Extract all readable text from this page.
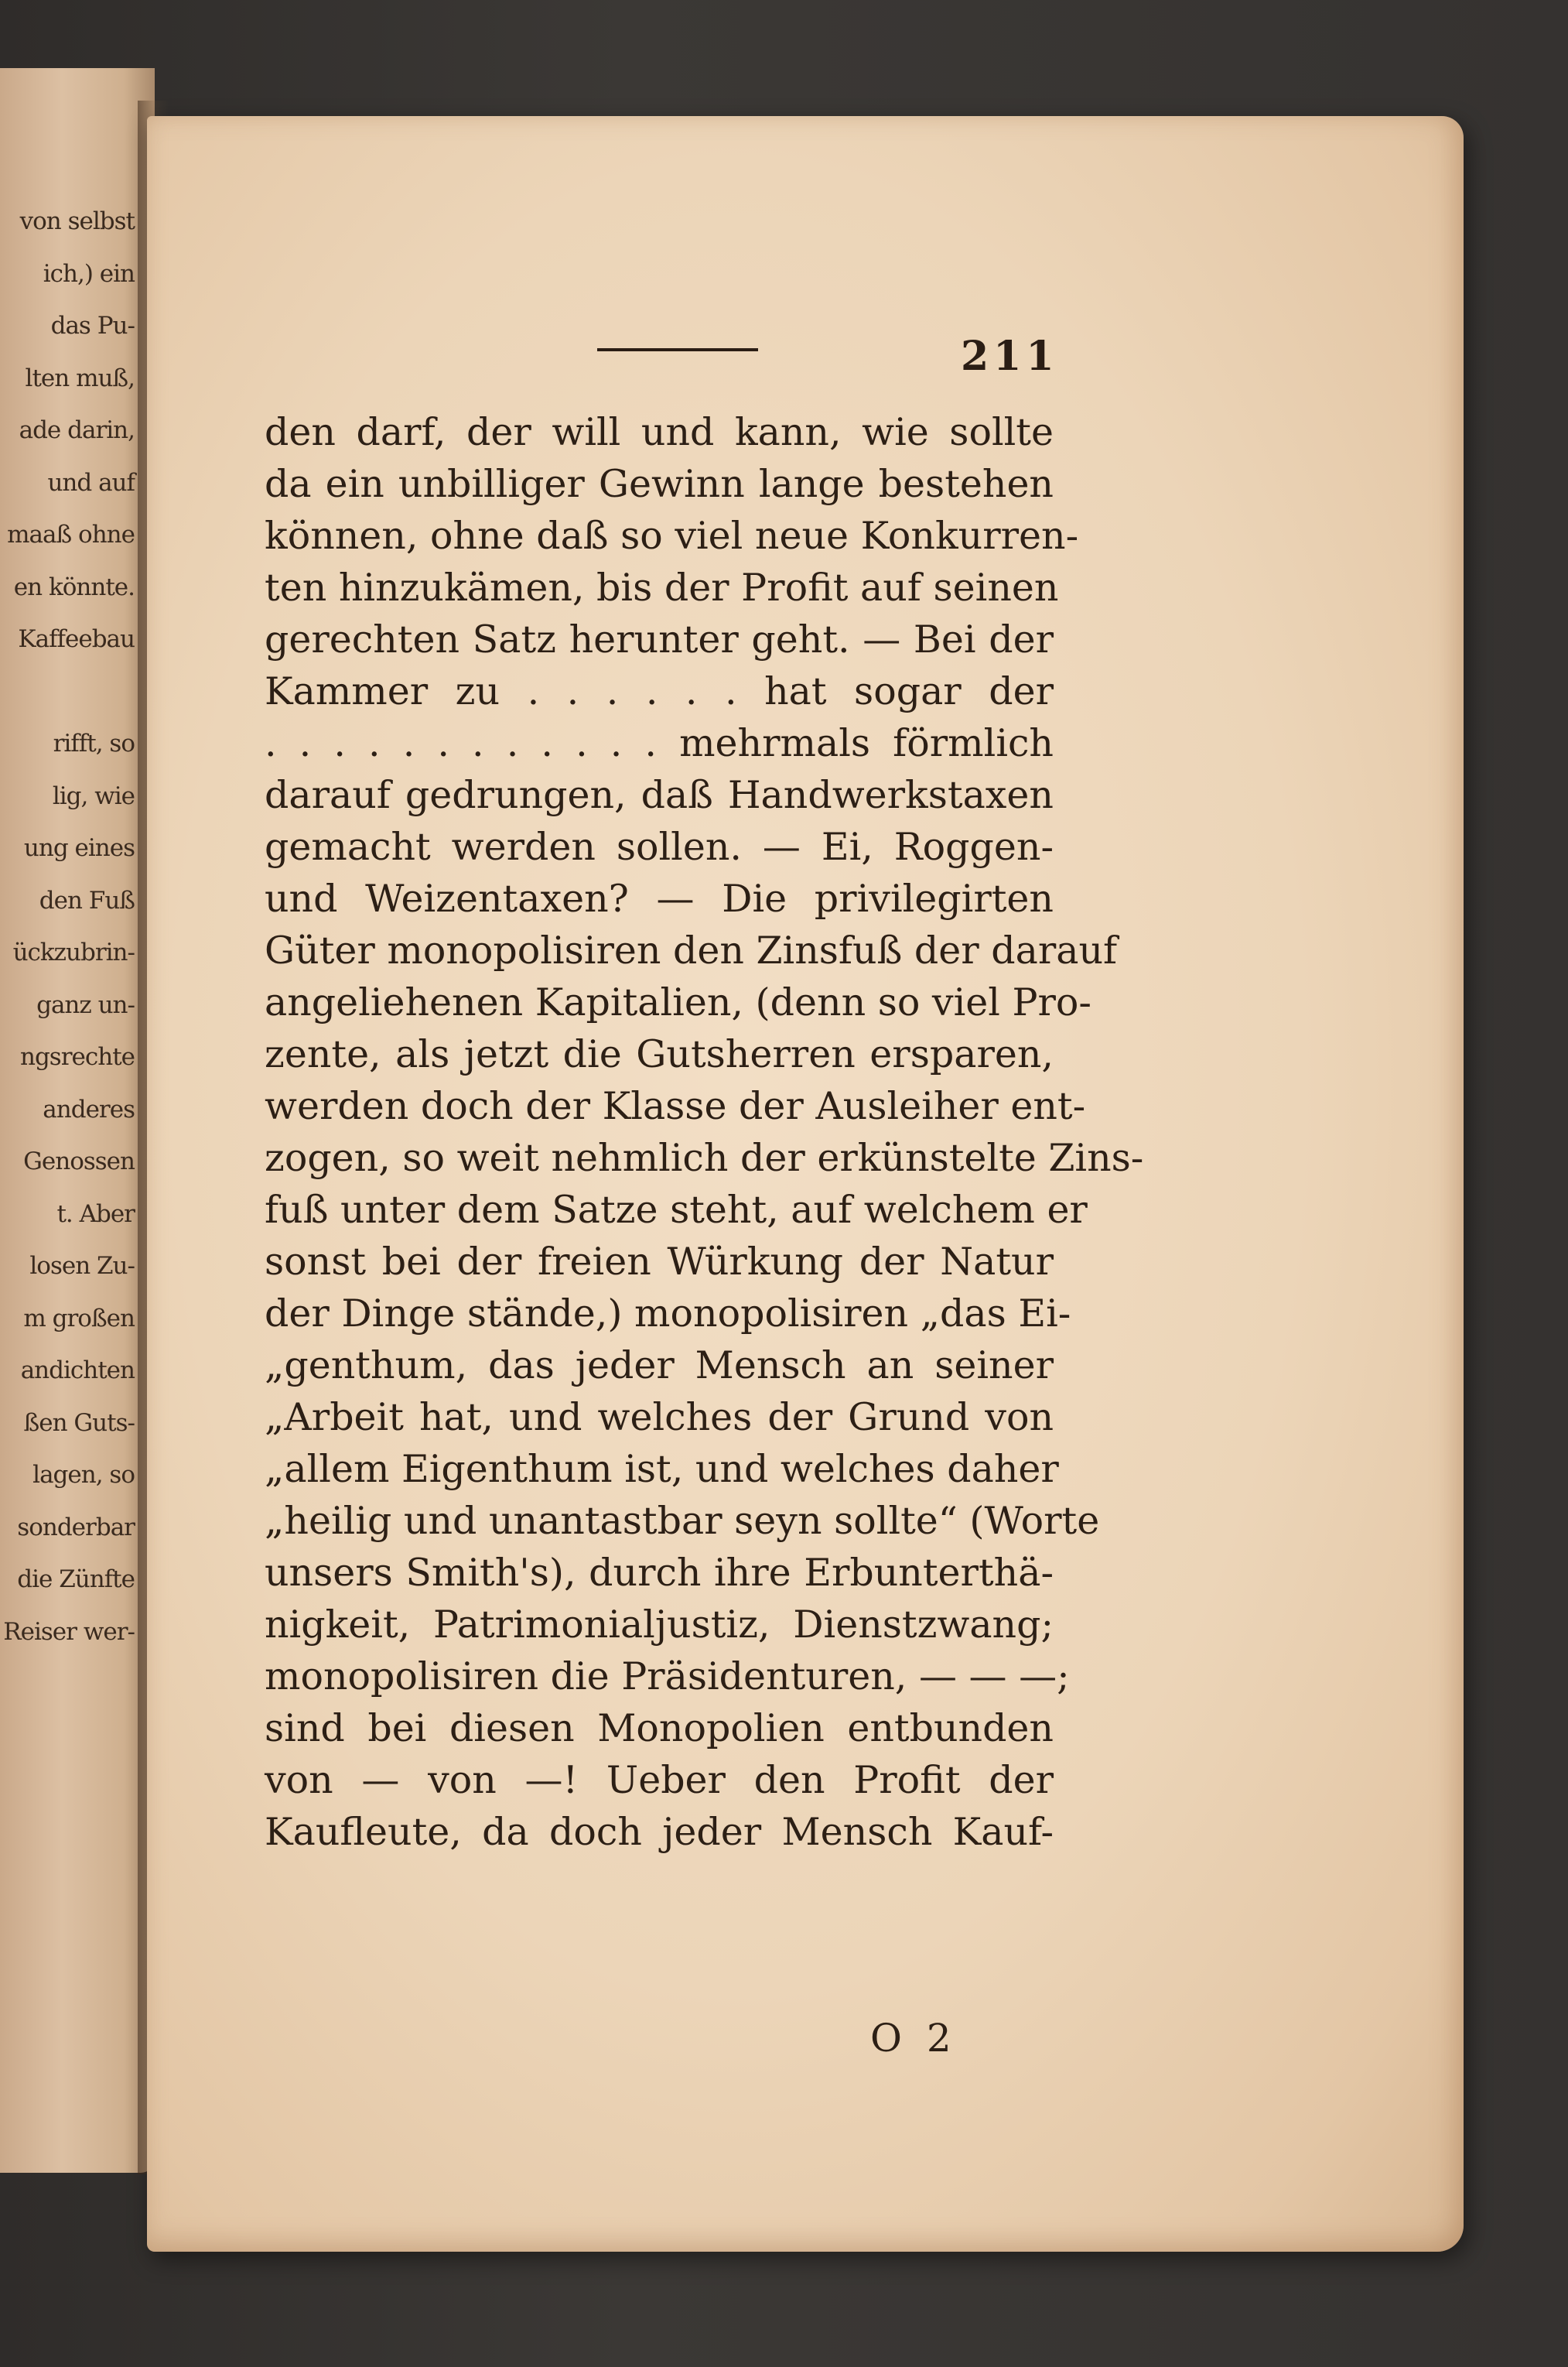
von selbst
ich,) ein
das Pu-
lten muß,
ade darin,
und auf
maaß ohne
en könnte.
Kaffeebau
rifft, so
lig, wie
ung eines
den Fuß
ückzubrin-
ganz un-
ngsrechte
anderes
Genossen
t. Aber
losen Zu-
m großen
andichten
ßen Guts-
lagen, so
sonderbar
die Zünfte
Reiser wer-
211
den darf, der will und kann, wie sollte
da ein unbilliger Gewinn lange bestehen
können, ohne daß so viel neue Konkurren-
ten hinzukämen, bis der Profit auf seinen
gerechten Satz herunter geht. — Bei der
Kammer zu . . . . . . hat sogar der
. . . . . . . . . . . . mehrmals förmlich
darauf gedrungen, daß Handwerkstaxen
gemacht werden sollen. — Ei, Roggen-
und Weizentaxen? — Die privilegirten
Güter monopolisiren den Zinsfuß der darauf
angeliehenen Kapitalien, (denn so viel Pro-
zente, als jetzt die Gutsherren ersparen,
werden doch der Klasse der Ausleiher ent-
zogen, so weit nehmlich der erkünstelte Zins-
fuß unter dem Satze steht, auf welchem er
sonst bei der freien Würkung der Natur
der Dinge stände,) monopolisiren „das Ei-
„genthum, das jeder Mensch an seiner
„Arbeit hat, und welches der Grund von
„allem Eigenthum ist, und welches daher
„heilig und unantastbar seyn sollte“ (Worte
unsers Smith's), durch ihre Erbunterthä-
nigkeit, Patrimonialjustiz, Dienstzwang;
monopolisiren die Präsidenturen, — — —;
sind bei diesen Monopolien entbunden
von — von —! Ueber den Profit der
Kaufleute, da doch jeder Mensch Kauf-
O 2
